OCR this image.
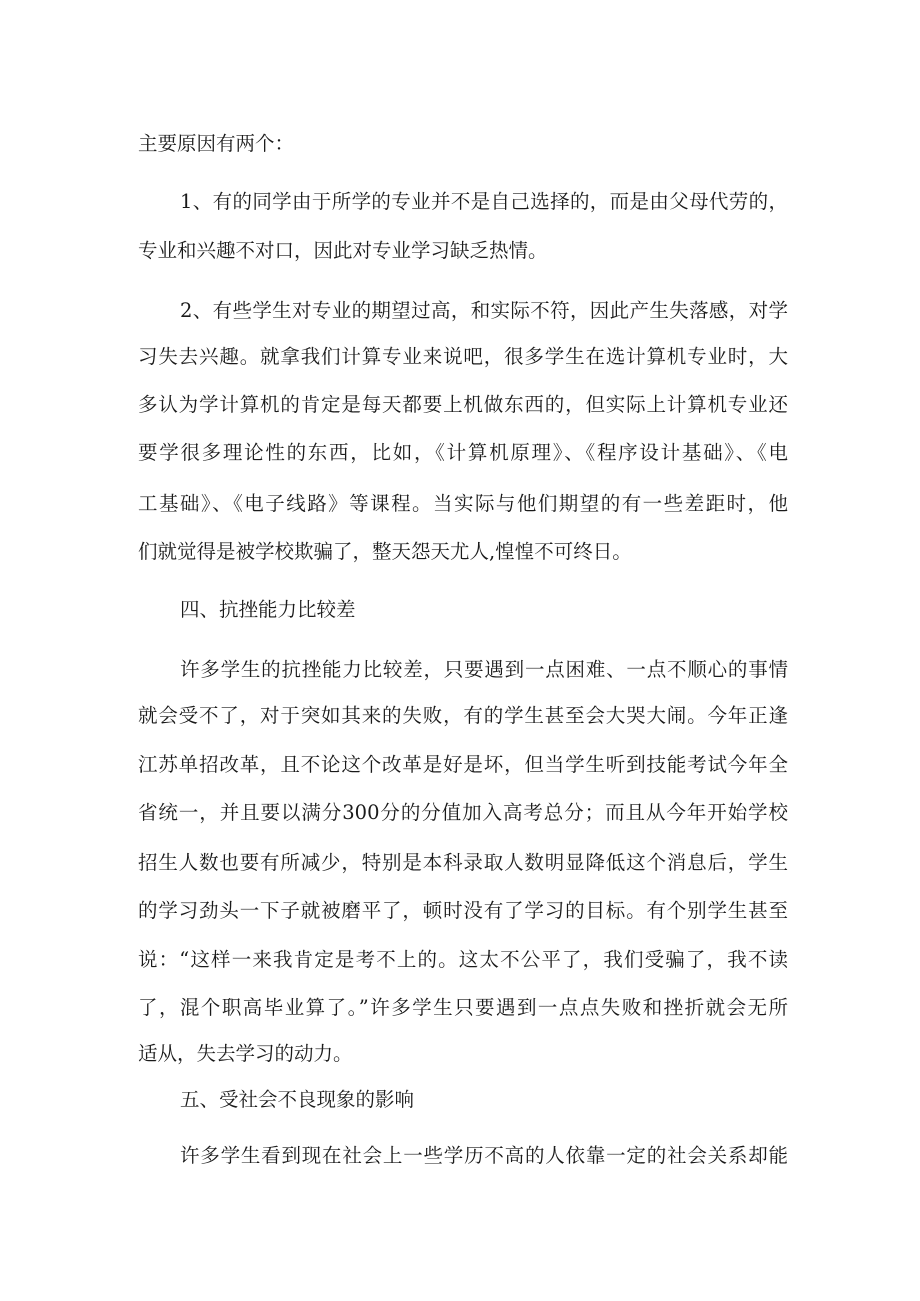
主要原因有两个：
1、有的同学由于所学的专业并不是自己选择的，而是由父母代劳的，
专业和兴趣不对口，因此对专业学习缺乏热情。
2、有些学生对专业的期望过高，和实际不符，因此产生失落感，对学
习失去兴趣。就拿我们计算专业来说吧，很多学生在选计算机专业时，大
多认为学计算机的肯定是每天都要上机做东西的，但实际上计算机专业还
要学很多理论性的东西，比如，《计算机原理》、《程序设计基础》、《电
工基础》、《电子线路》等课程。当实际与他们期望的有一些差距时，他
们就觉得是被学校欺骗了，整天怨天尤人,惶惶不可终日。
四、抗挫能力比较差
许多学生的抗挫能力比较差，只要遇到一点困难、一点不顺心的事情
就会受不了，对于突如其来的失败，有的学生甚至会大哭大闹。今年正逢
江苏单招改革，且不论这个改革是好是坏，但当学生听到技能考试今年全
省统一，并且要以满分300分的分值加入高考总分；而且从今年开始学校
招生人数也要有所减少，特别是本科录取人数明显降低这个消息后，学生
的学习劲头一下子就被磨平了，顿时没有了学习的目标。有个别学生甚至
说：“这样一来我肯定是考不上的。这太不公平了，我们受骗了，我不读
了，混个职高毕业算了。”许多学生只要遇到一点点失败和挫折就会无所
适从，失去学习的动力。
五、受社会不良现象的影响
许多学生看到现在社会上一些学历不高的人依靠一定的社会关系却能
